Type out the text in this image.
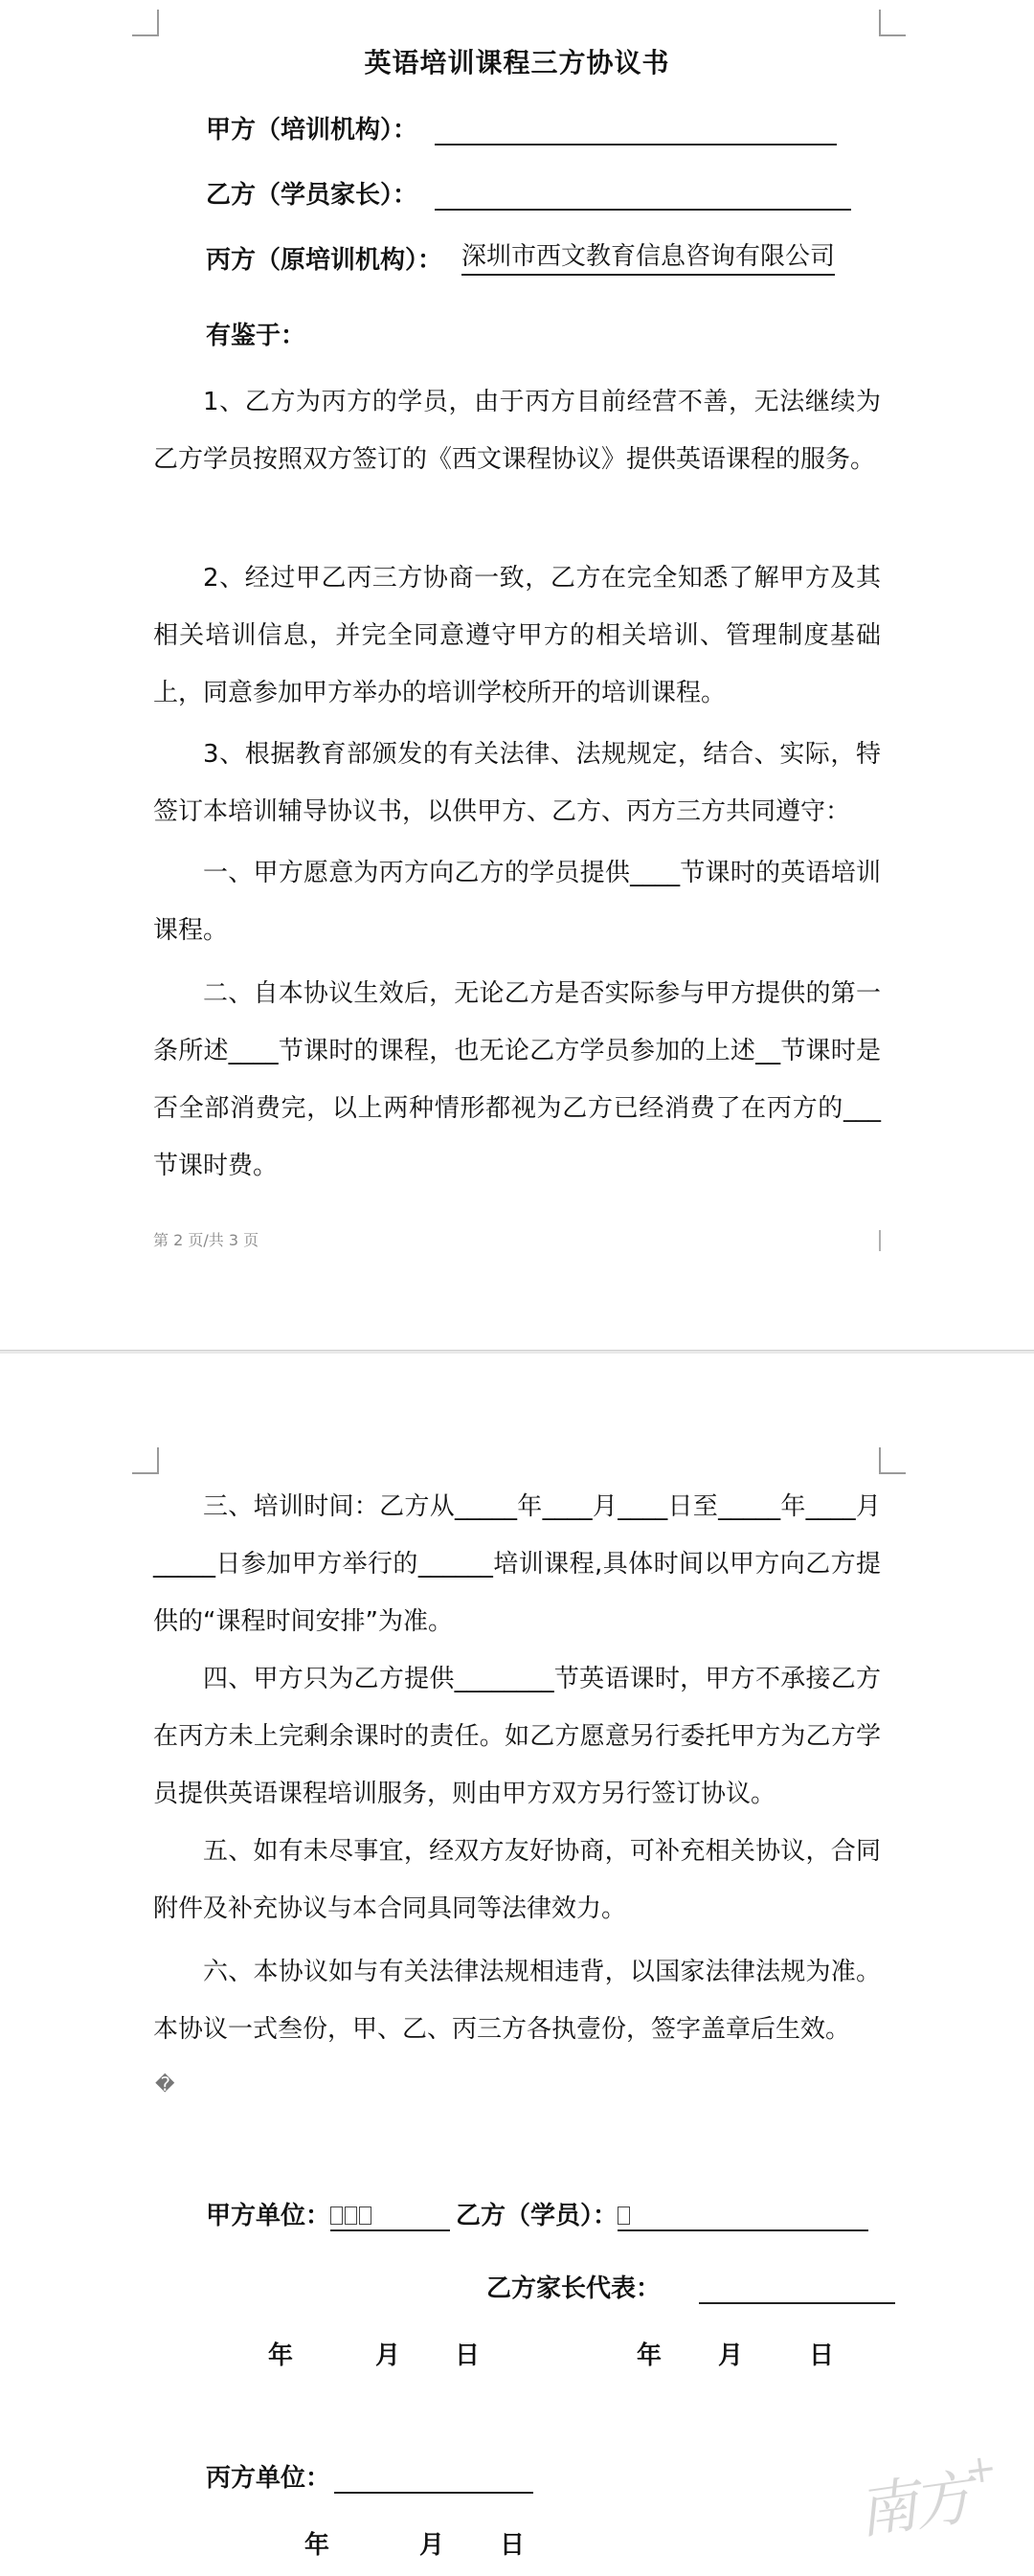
英语培训课程三方协议书
甲方（培训机构）：
乙方（学员家长）：
丙方（原培训机构）： 深圳市西文教育信息咨询有限公司
有鉴于：

1、乙方为丙方的学员，由于丙方目前经营不善，无法继续为乙方学员按照双方签订的《西文课程协议》提供英语课程的服务。

2、经过甲乙丙三方协商一致，乙方在完全知悉了解甲方及其相关培训信息，并完全同意遵守甲方的相关培训、管理制度基础上，同意参加甲方举办的培训学校所开的培训课程。

3、根据教育部颁发的有关法律、法规规定，结合、实际，特签订本培训辅导协议书，以供甲方、乙方、丙方三方共同遵守：

一、甲方愿意为丙方向乙方的学员提供____节课时的英语培训课程。

二、自本协议生效后，无论乙方是否实际参与甲方提供的第一条所述____节课时的课程，也无论乙方学员参加的上述__节课时是否全部消费完，以上两种情形都视为乙方已经消费了在丙方的___节课时费。

第 2 页/共 3 页

三、培训时间：乙方从_____年____月____日至_____年____月_____日参加甲方举行的______培训课程,具体时间以甲方向乙方提供的“课程时间安排”为准。

四、甲方只为乙方提供________节英语课时，甲方不承接乙方在丙方未上完剩余课时的责任。如乙方愿意另行委托甲方为乙方学员提供英语课程培训服务，则由甲方双方另行签订协议。

五、如有未尽事宜，经双方友好协商，可补充相关协议，合同附件及补充协议与本合同具同等法律效力。

六、本协议如与有关法律法规相违背，以国家法律法规为准。本协议一式叁份，甲、乙、丙三方各执壹份，签字盖章后生效。

�
甲方单位：	乙方（学员）：
乙方家长代表：
年	月	日	年	月	日
丙方单位：
年	月	日	南方+
